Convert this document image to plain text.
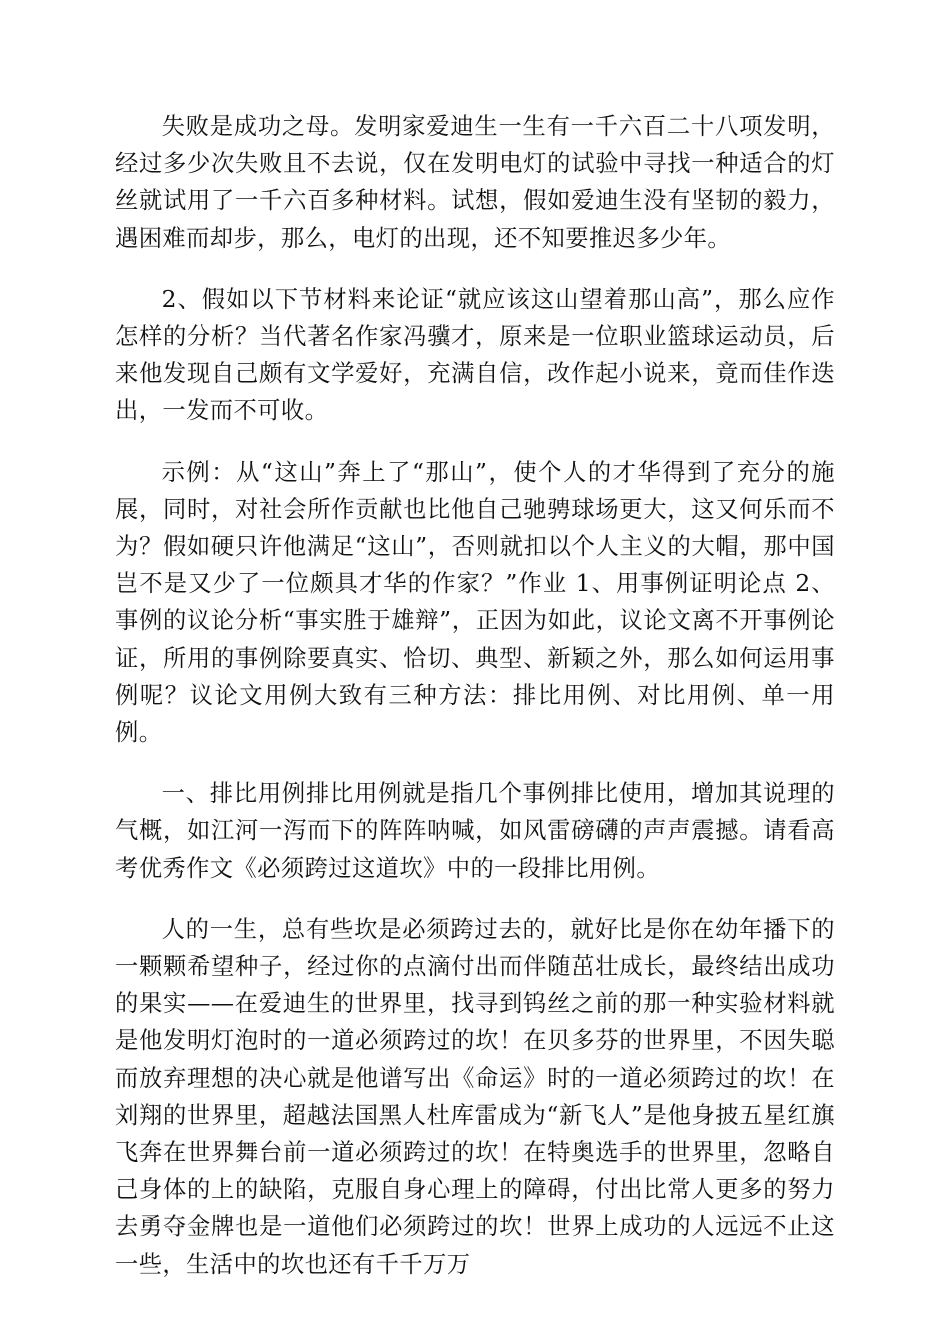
失败是成功之母。发明家爱迪生一生有一千六百二十八项发明，经过多少次失败且不去说，仅在发明电灯的试验中寻找一种适合的灯丝就试用了一千六百多种材料。试想，假如爱迪生没有坚韧的毅力，遇困难而却步，那么，电灯的出现，还不知要推迟多少年。

2、假如以下节材料来论证“就应该这山望着那山高”，那么应作怎样的分析？当代著名作家冯骥才，原来是一位职业篮球运动员，后来他发现自己颇有文学爱好，充满自信，改作起小说来，竟而佳作迭出，一发而不可收。

示例：从“这山”奔上了“那山”，使个人的才华得到了充分的施展，同时，对社会所作贡献也比他自己驰骋球场更大，这又何乐而不为？假如硬只许他满足“这山”，否则就扣以个人主义的大帽，那中国岂不是又少了一位颇具才华的作家？”作业 1、用事例证明论点 2、事例的议论分析“事实胜于雄辩”，正因为如此，议论文离不开事例论证，所用的事例除要真实、恰切、典型、新颖之外，那么如何运用事例呢？议论文用例大致有三种方法：排比用例、对比用例、单一用例。

一、排比用例排比用例就是指几个事例排比使用，增加其说理的气概，如江河一泻而下的阵阵呐喊，如风雷磅礴的声声震撼。请看高考优秀作文《必须跨过这道坎》中的一段排比用例。

人的一生，总有些坎是必须跨过去的，就好比是你在幼年播下的一颗颗希望种子，经过你的点滴付出而伴随茁壮成长，最终结出成功的果实——在爱迪生的世界里，找寻到钨丝之前的那一种实验材料就是他发明灯泡时的一道必须跨过的坎！在贝多芬的世界里，不因失聪而放弃理想的决心就是他谱写出《命运》时的一道必须跨过的坎！在刘翔的世界里，超越法国黑人杜库雷成为“新飞人”是他身披五星红旗飞奔在世界舞台前一道必须跨过的坎！在特奥选手的世界里，忽略自己身体的上的缺陷，克服自身心理上的障碍，付出比常人更多的努力去勇夺金牌也是一道他们必须跨过的坎！世界上成功的人远远不止这一些，生活中的坎也还有千千万万
